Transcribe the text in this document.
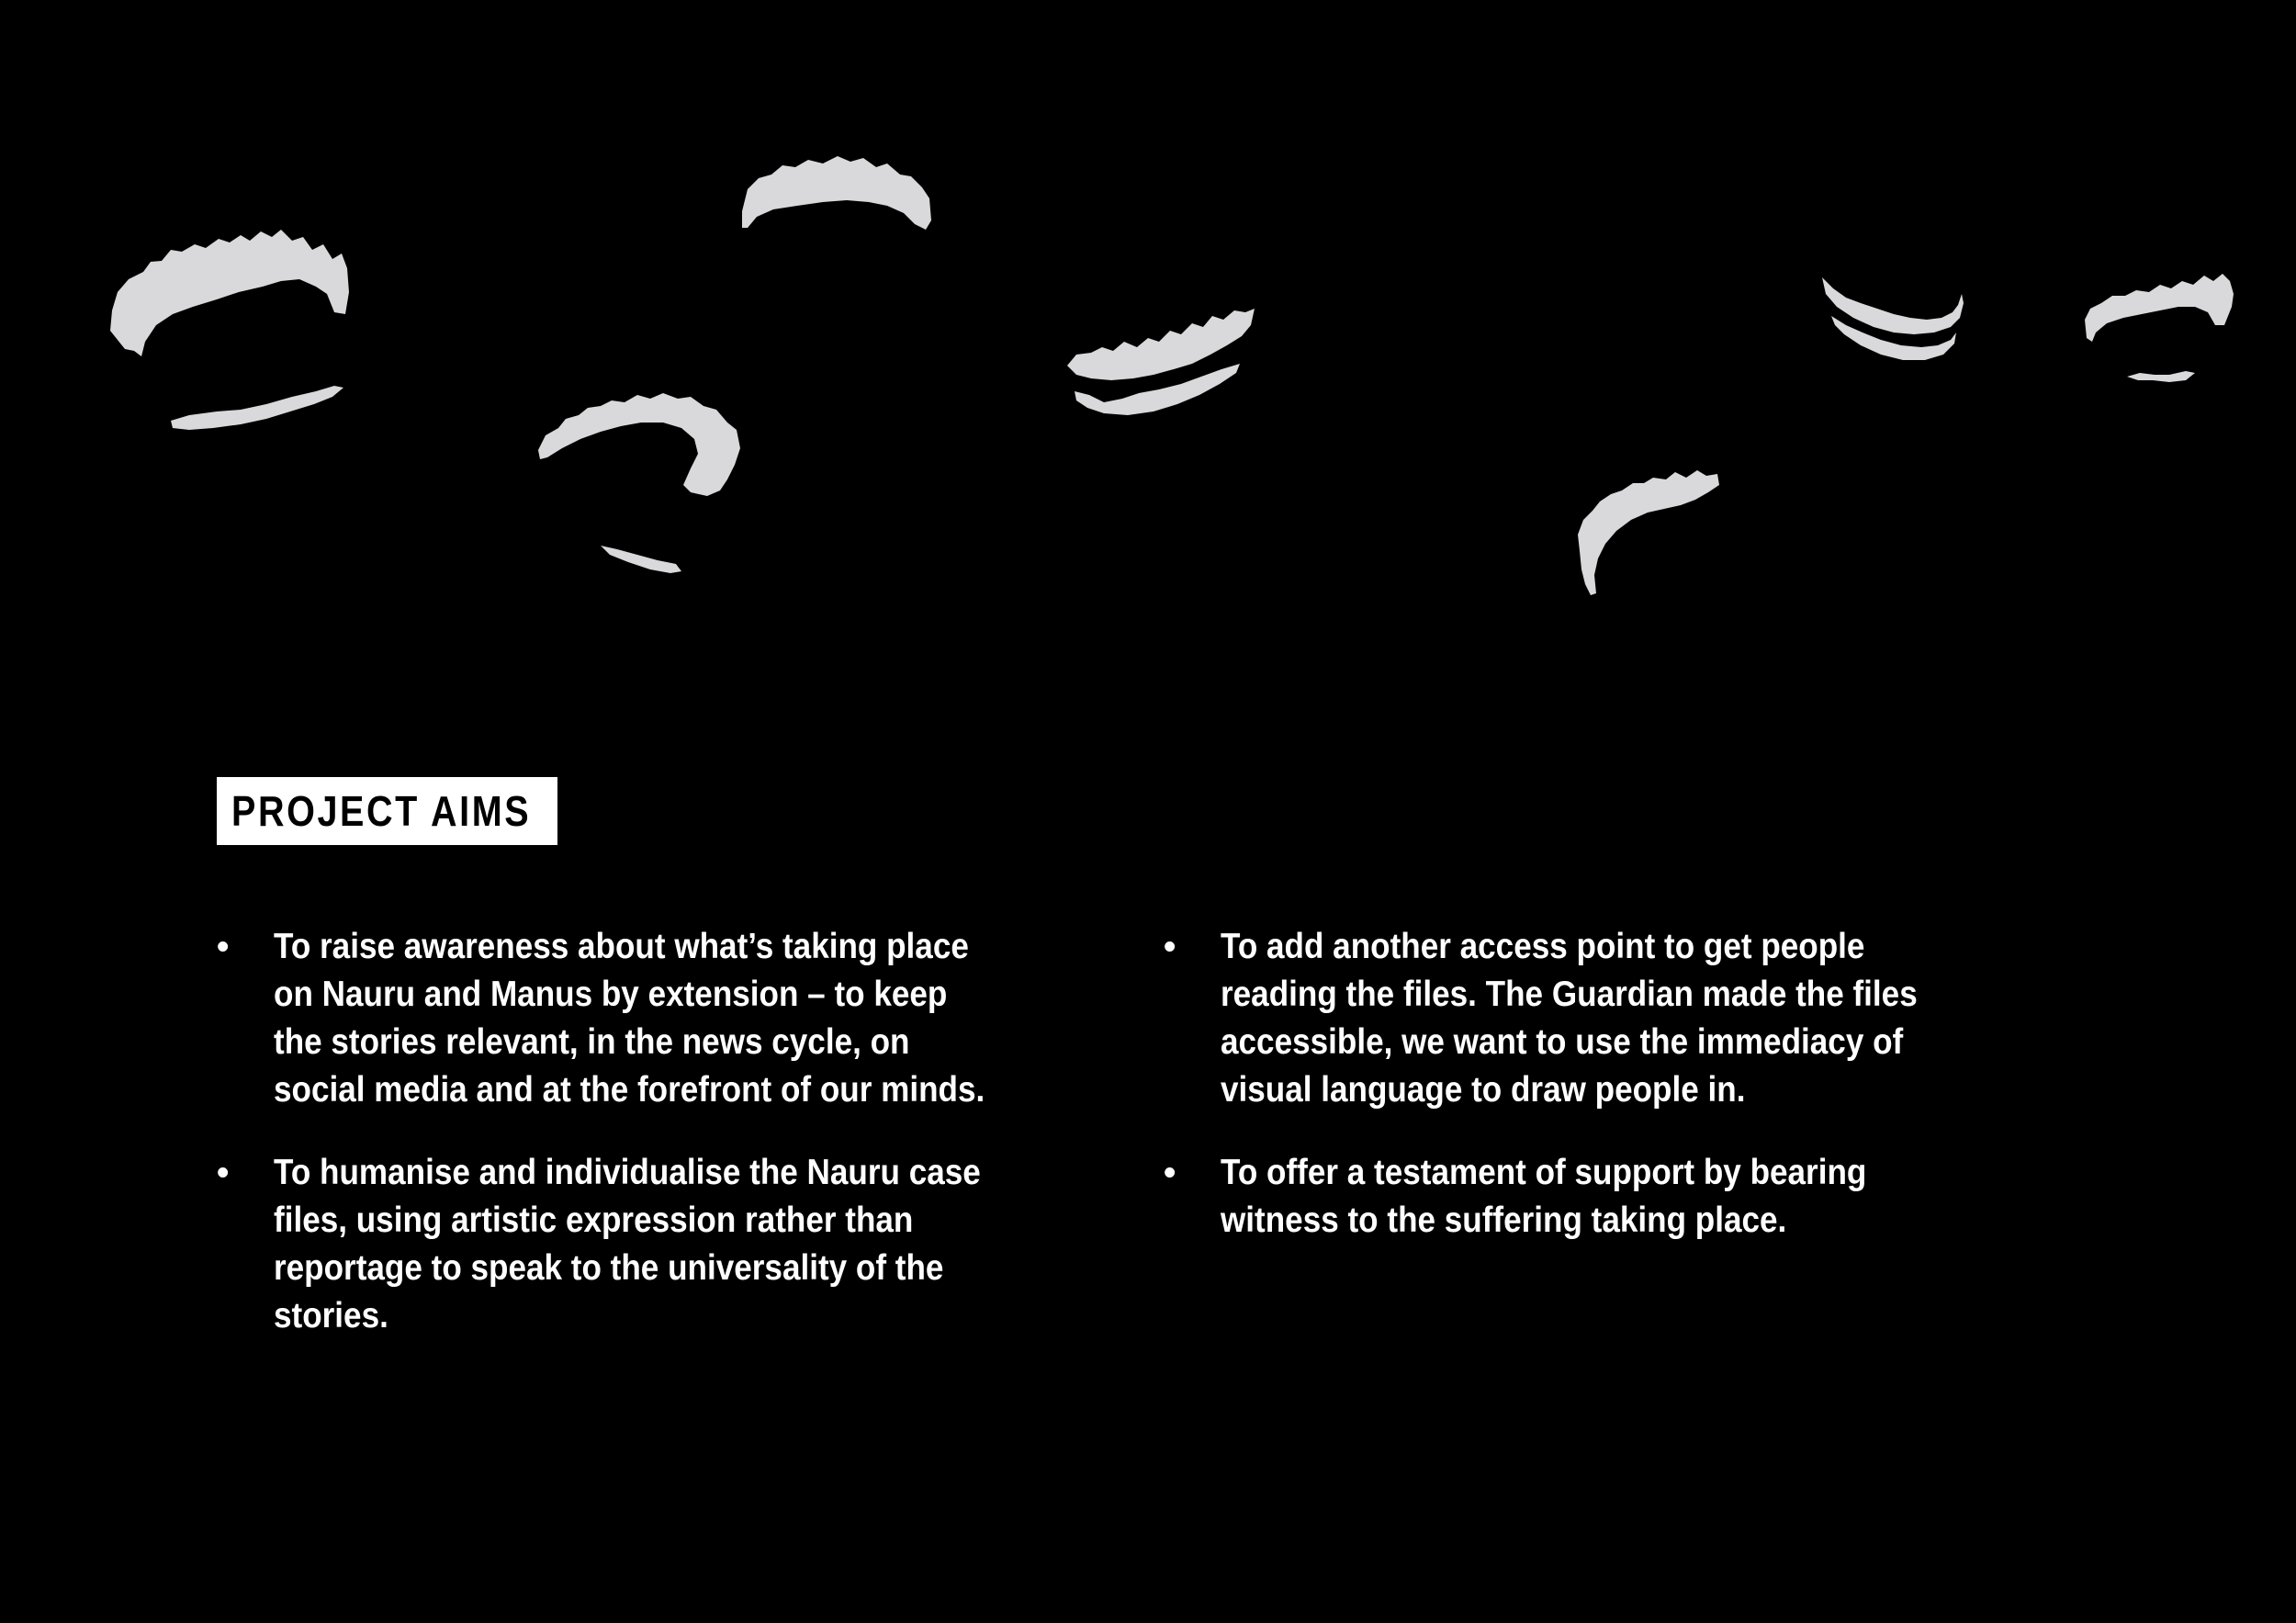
PROJECT AIMS
• To raise awareness about what’s taking place on Nauru and Manus by extension – to keep the stories relevant, in the news cycle, on social media and at the forefront of our minds.
• To humanise and individualise the Nauru case files, using artistic expression rather than reportage to speak to the universality of the stories.
• To add another access point to get people reading the files. The Guardian made the files accessible, we want to use the immediacy of visual language to draw people in.
• To offer a testament of support by bearing witness to the suffering taking place.
